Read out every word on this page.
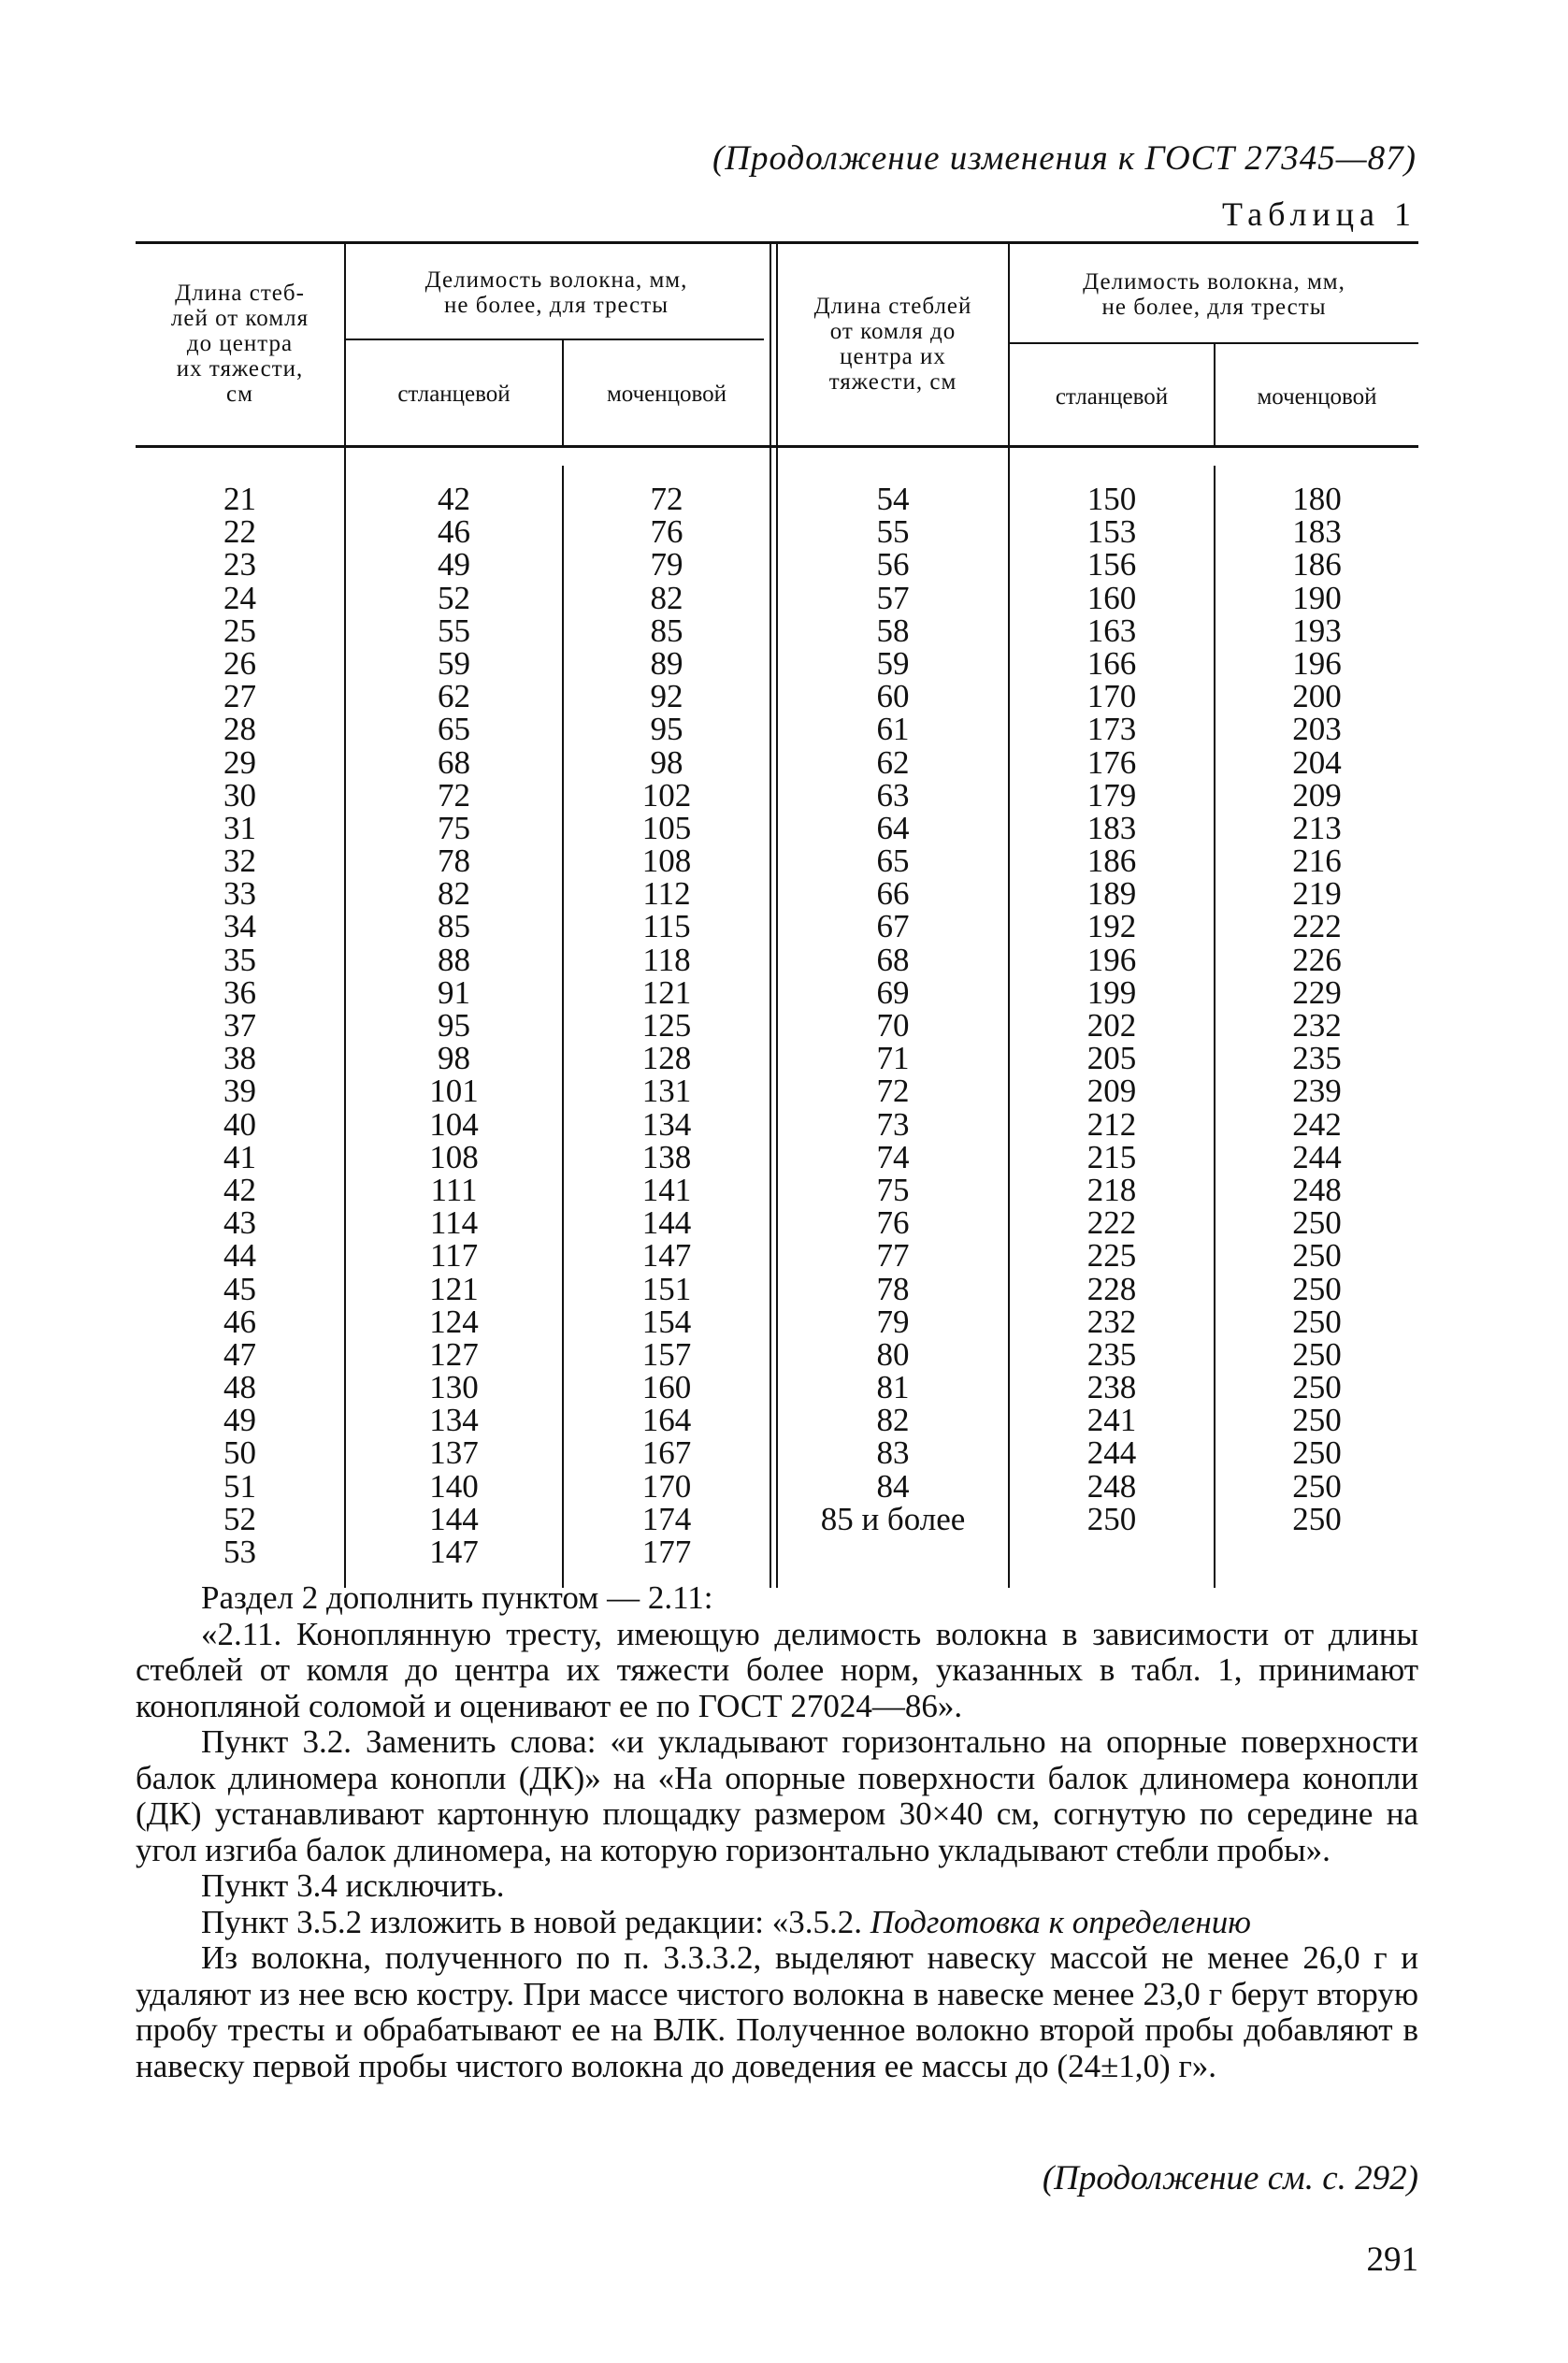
(Продолжение изменения к ГОСТ 27345—87)
Таблица 1
Длина стеб-
лей от комля
до центра
их тяжести,
см
Делимость волокна, мм,
не более, для тресты
стланцевой	моченцовой
Длина стеблей
от комля до
центра их
тяжести, см
Делимость волокна, мм,
не более, для тресты
стланцевой	моченцовой
21
22
23
24
25
26
27
28
29
30
31
32
33
34
35
36
37
38
39
40
41
42
43
44
45
46
47
48
49
50
51
52
53
42
46
49
52
55
59
62
65
68
72
75
78
82
85
88
91
95
98
101
104
108
111
114
117
121
124
127
130
134
137
140
144
147
72
76
79
82
85
89
92
95
98
102
105
108
112
115
118
121
125
128
131
134
138
141
144
147
151
154
157
160
164
167
170
174
177
54
55
56
57
58
59
60
61
62
63
64
65
66
67
68
69
70
71
72
73
74
75
76
77
78
79
80
81
82
83
84
85 и более
150
153
156
160
163
166
170
173
176
179
183
186
189
192
196
199
202
205
209
212
215
218
222
225
228
232
235
238
241
244
248
250
180
183
186
190
193
196
200
203
204
209
213
216
219
222
226
229
232
235
239
242
244
248
250
250
250
250
250
250
250
250
250
250

Раздел 2 дополнить пунктом — 2.11:

«2.11. Коноплянную тресту, имеющую делимость волокна в зависимости от длины стеблей от комля до центра их тяжести более норм, указанных в табл. 1, принимают конопляной соломой и оценивают ее по ГОСТ 27024—86».

Пункт 3.2. Заменить слова: «и укладывают горизонтально на опорные поверхности балок длиномера конопли (ДК)» на «На опорные поверхности балок длиномера конопли (ДК) устанавливают картонную площадку размером 30×40 см, согнутую по середине на угол изгиба балок длиномера, на которую горизонтально укладывают стебли пробы».

Пункт 3.4 исключить.

Пункт 3.5.2 изложить в новой редакции: «3.5.2. Подготовка к определению

Из волокна, полученного по п. 3.3.3.2, выделяют навеску массой не менее 26,0 г и удаляют из нее всю костру. При массе чистого волокна в навеске менее 23,0 г берут вторую пробу тресты и обрабатывают ее на ВЛК. Полученное волокно второй пробы добавляют в навеску первой пробы чистого волокна до доведения ее массы до (24±1,0) г».

(Продолжение см. с. 292)
291
